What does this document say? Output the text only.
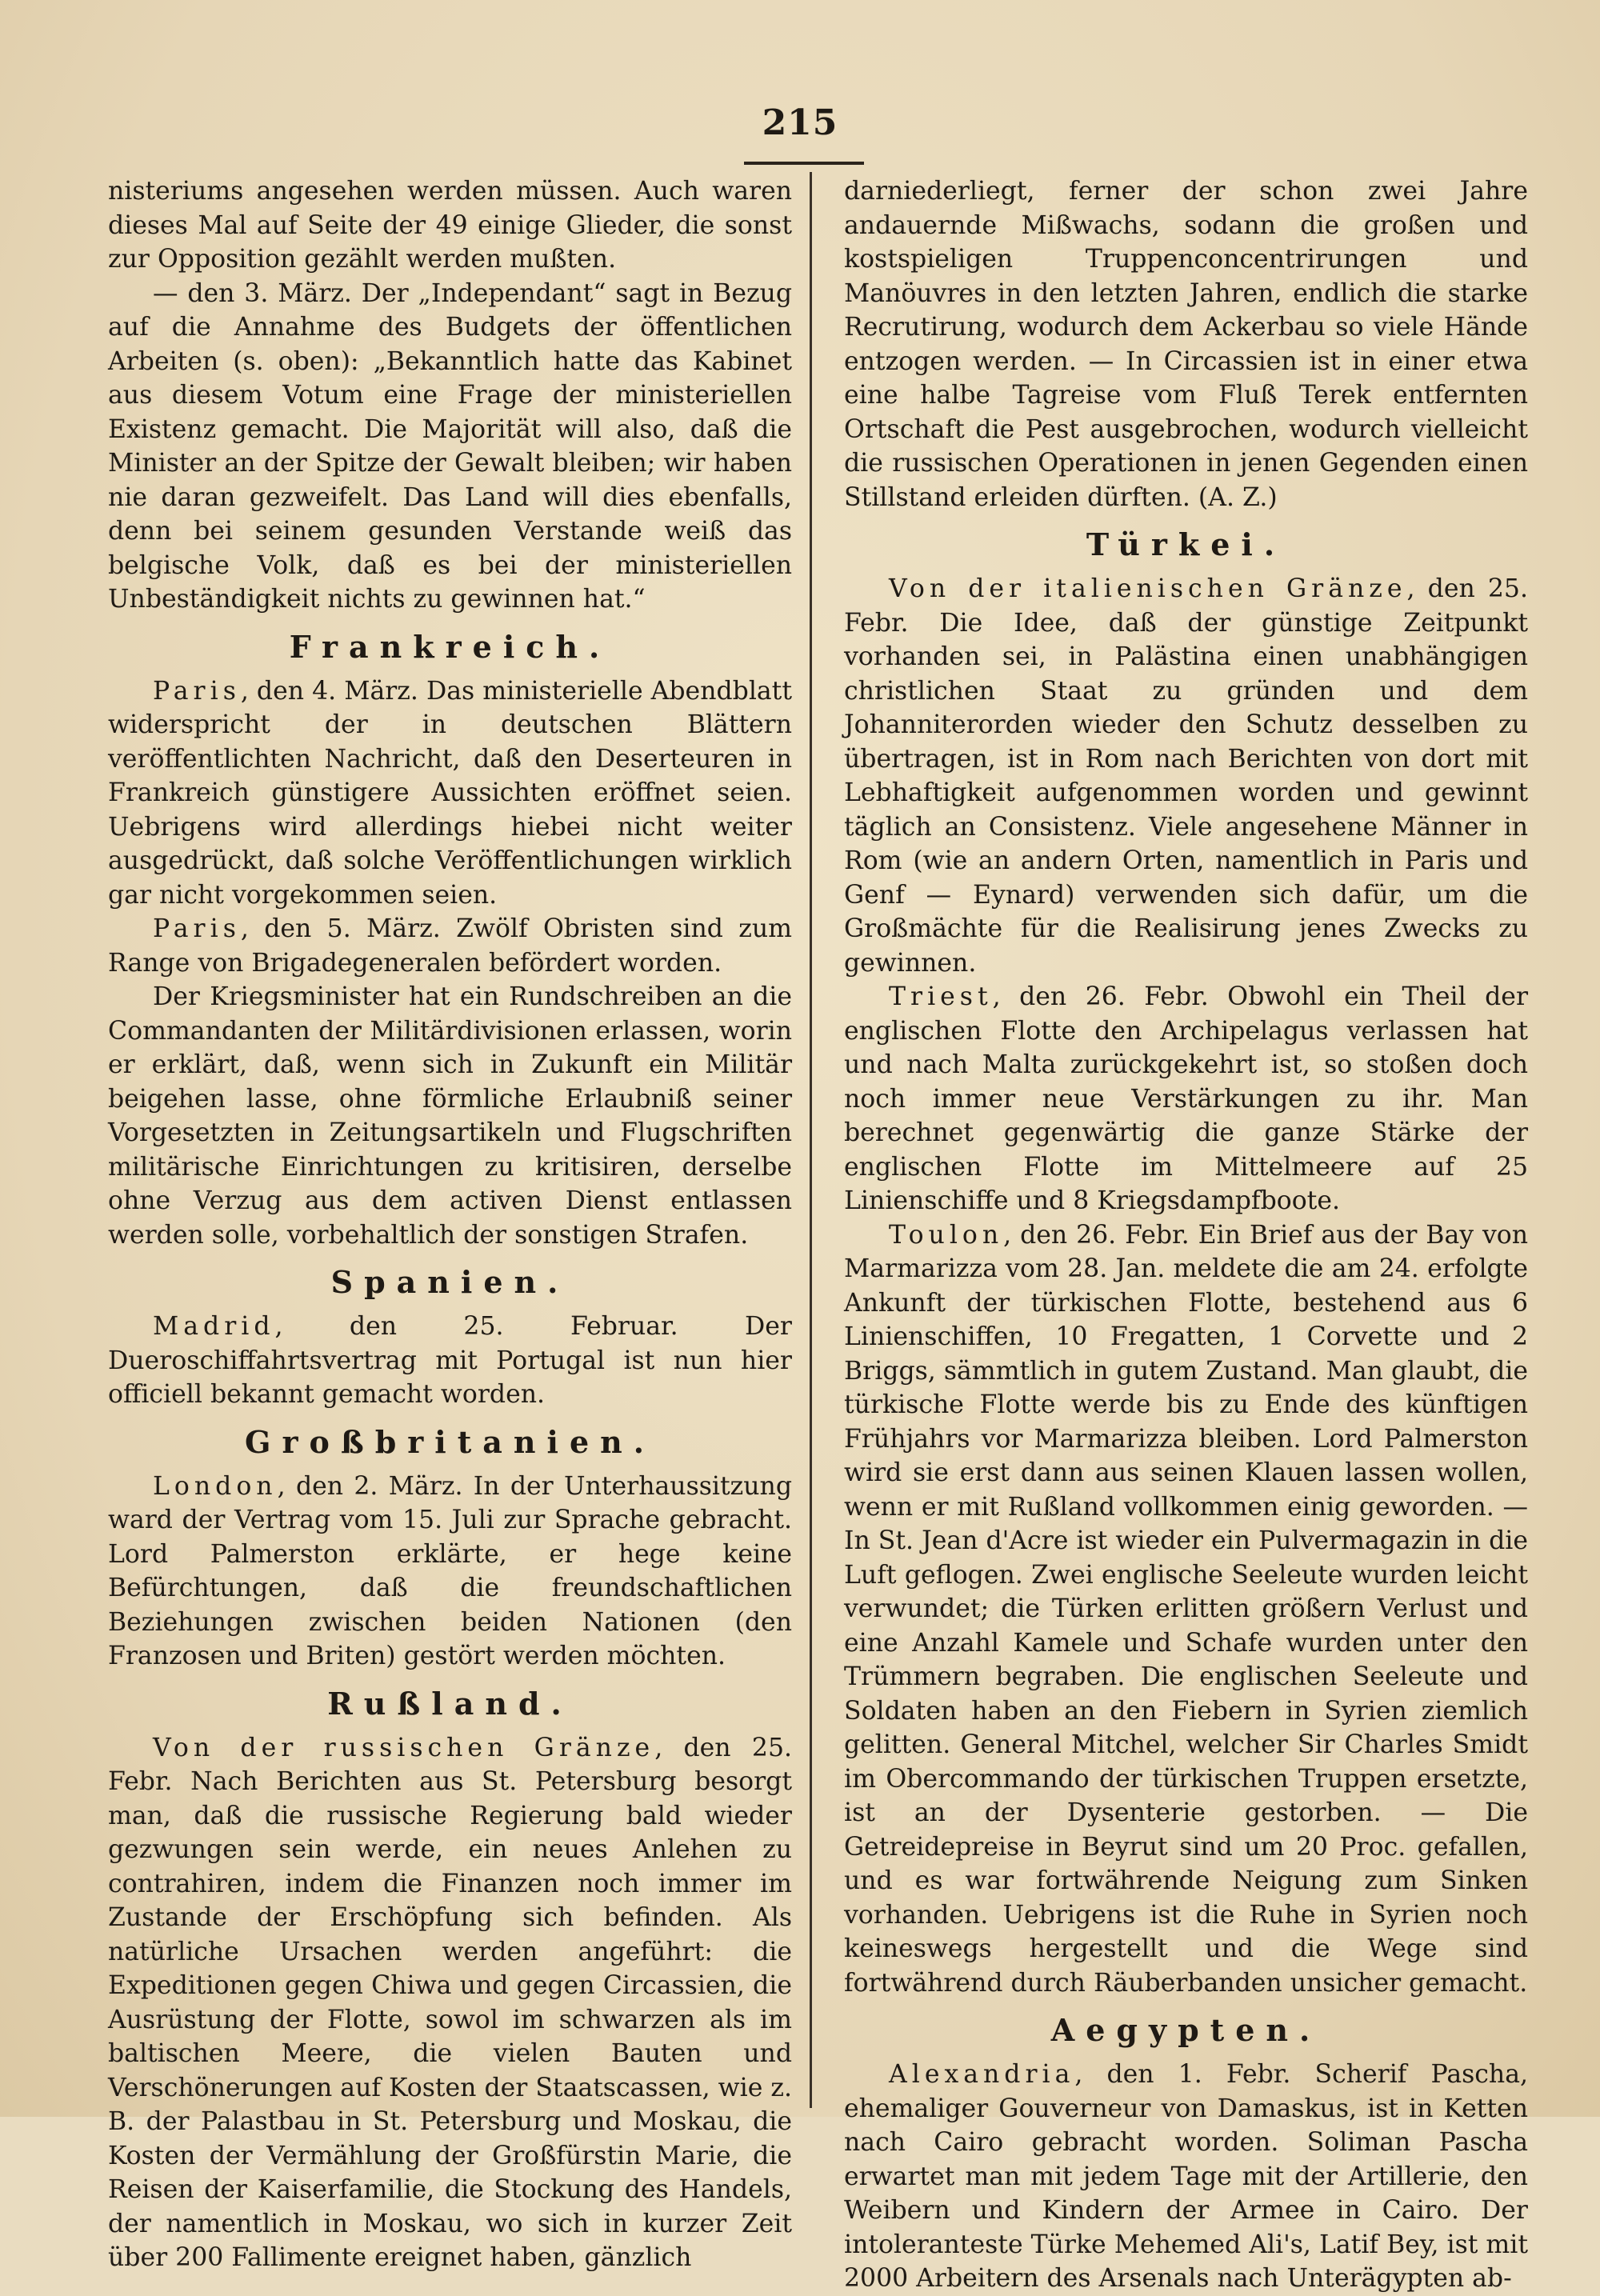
215

nisteriums angesehen werden müssen. Auch waren dieses Mal auf Seite der 49 einige Glieder, die sonst zur Opposition gezählt werden mußten.

— den 3. März. Der „Independant“ sagt in Bezug auf die Annahme des Budgets der öffentlichen Arbeiten (s. oben): „Bekanntlich hatte das Kabinet aus diesem Votum eine Frage der ministeriellen Existenz gemacht. Die Majorität will also, daß die Minister an der Spitze der Gewalt bleiben; wir haben nie daran gezweifelt. Das Land will dies ebenfalls, denn bei seinem gesunden Verstande weiß das belgische Volk, daß es bei der ministeriellen Unbeständigkeit nichts zu gewinnen hat.“

Frankreich.

Paris, den 4. März. Das ministerielle Abendblatt widerspricht der in deutschen Blättern veröffentlichten Nachricht, daß den Deserteuren in Frankreich günstigere Aussichten eröffnet seien. Uebrigens wird allerdings hiebei nicht weiter ausgedrückt, daß solche Veröffentlichungen wirklich gar nicht vorgekommen seien.

Paris, den 5. März. Zwölf Obristen sind zum Range von Brigadegeneralen befördert worden.

Der Kriegsminister hat ein Rundschreiben an die Commandanten der Militärdivisionen erlassen, worin er erklärt, daß, wenn sich in Zukunft ein Militär beigehen lasse, ohne förmliche Erlaubniß seiner Vorgesetzten in Zeitungsartikeln und Flugschriften militärische Einrichtungen zu kritisiren, derselbe ohne Verzug aus dem activen Dienst entlassen werden solle, vorbehaltlich der sonstigen Strafen.

Spanien.

Madrid, den 25. Februar. Der Dueroschiffahrtsvertrag mit Portugal ist nun hier officiell bekannt gemacht worden.

Großbritanien.

London, den 2. März. In der Unterhaussitzung ward der Vertrag vom 15. Juli zur Sprache gebracht. Lord Palmerston erklärte, er hege keine Befürchtungen, daß die freundschaftlichen Beziehungen zwischen beiden Nationen (den Franzosen und Briten) gestört werden möchten.

Rußland.

Von der russischen Gränze, den 25. Febr. Nach Berichten aus St. Petersburg besorgt man, daß die russische Regierung bald wieder gezwungen sein werde, ein neues Anlehen zu contrahiren, indem die Finanzen noch immer im Zustande der Erschöpfung sich befinden. Als natürliche Ursachen werden angeführt: die Expeditionen gegen Chiwa und gegen Circassien, die Ausrüstung der Flotte, sowol im schwarzen als im baltischen Meere, die vielen Bauten und Verschönerungen auf Kosten der Staatscassen, wie z. B. der Palastbau in St. Petersburg und Moskau, die Kosten der Vermählung der Großfürstin Marie, die Reisen der Kaiserfamilie, die Stockung des Handels, der namentlich in Moskau, wo sich in kurzer Zeit über 200 Fallimente ereignet haben, gänzlich

darniederliegt, ferner der schon zwei Jahre andauernde Mißwachs, sodann die großen und kostspieligen Truppenconcentrirungen und Manöuvres in den letzten Jahren, endlich die starke Recrutirung, wodurch dem Ackerbau so viele Hände entzogen werden. — In Circassien ist in einer etwa eine halbe Tagreise vom Fluß Terek entfernten Ortschaft die Pest ausgebrochen, wodurch vielleicht die russischen Operationen in jenen Gegenden einen Stillstand erleiden dürften. (A. Z.)

Türkei.

Von der italienischen Gränze, den 25. Febr. Die Idee, daß der günstige Zeitpunkt vorhanden sei, in Palästina einen unabhängigen christlichen Staat zu gründen und dem Johanniterorden wieder den Schutz desselben zu übertragen, ist in Rom nach Berichten von dort mit Lebhaftigkeit aufgenommen worden und gewinnt täglich an Consistenz. Viele angesehene Männer in Rom (wie an andern Orten, namentlich in Paris und Genf — Eynard) verwenden sich dafür, um die Großmächte für die Realisirung jenes Zwecks zu gewinnen.

Triest, den 26. Febr. Obwohl ein Theil der englischen Flotte den Archipelagus verlassen hat und nach Malta zurückgekehrt ist, so stoßen doch noch immer neue Verstärkungen zu ihr. Man berechnet gegenwärtig die ganze Stärke der englischen Flotte im Mittelmeere auf 25 Linienschiffe und 8 Kriegsdampfboote.

Toulon, den 26. Febr. Ein Brief aus der Bay von Marmarizza vom 28. Jan. meldete die am 24. erfolgte Ankunft der türkischen Flotte, bestehend aus 6 Linienschiffen, 10 Fregatten, 1 Corvette und 2 Briggs, sämmtlich in gutem Zustand. Man glaubt, die türkische Flotte werde bis zu Ende des künftigen Frühjahrs vor Marmarizza bleiben. Lord Palmerston wird sie erst dann aus seinen Klauen lassen wollen, wenn er mit Rußland vollkommen einig geworden. — In St. Jean d'Acre ist wieder ein Pulvermagazin in die Luft geflogen. Zwei englische Seeleute wurden leicht verwundet; die Türken erlitten größern Verlust und eine Anzahl Kamele und Schafe wurden unter den Trümmern begraben. Die englischen Seeleute und Soldaten haben an den Fiebern in Syrien ziemlich gelitten. General Mitchel, welcher Sir Charles Smidt im Obercommando der türkischen Truppen ersetzte, ist an der Dysenterie gestorben. — Die Getreidepreise in Beyrut sind um 20 Proc. gefallen, und es war fortwährende Neigung zum Sinken vorhanden. Uebrigens ist die Ruhe in Syrien noch keineswegs hergestellt und die Wege sind fortwährend durch Räuberbanden unsicher gemacht.

Aegypten.

Alexandria, den 1. Febr. Scherif Pascha, ehemaliger Gouverneur von Damaskus, ist in Ketten nach Cairo gebracht worden. Soliman Pascha erwartet man mit jedem Tage mit der Artillerie, den Weibern und Kindern der Armee in Cairo. Der intoleranteste Türke Mehemed Ali's, Latif Bey, ist mit 2000 Arbeitern des Arsenals nach Unterägypten ab-
